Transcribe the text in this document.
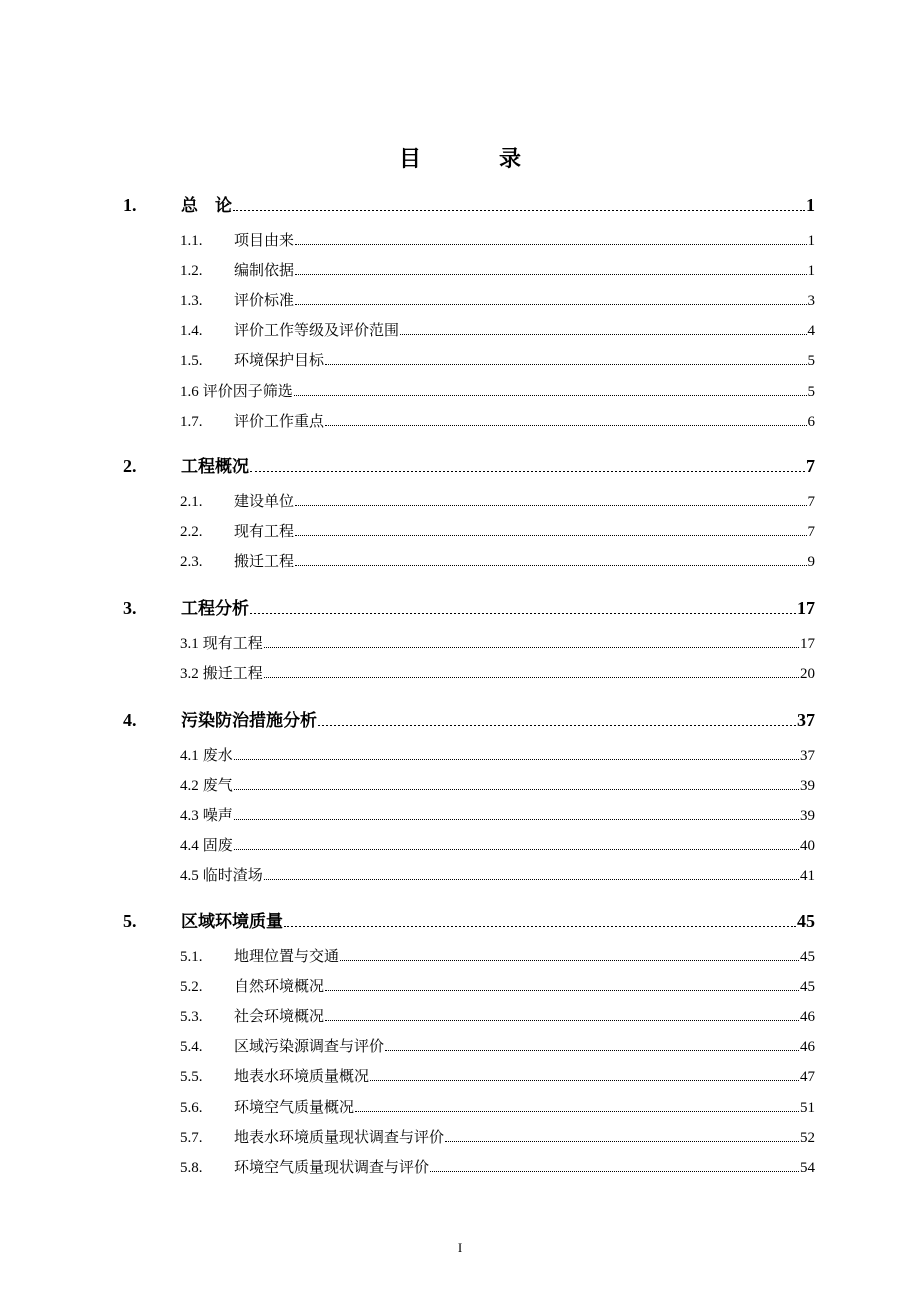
目　录
1.	总　论	1
1.1.	项目由来	1
1.2.	编制依据	1
1.3.	评价标准	3
1.4.	评价工作等级及评价范围	4
1.5.	环境保护目标	5
1.6 评价因子筛选	5
1.7.	评价工作重点	6
2.	工程概况	7
2.1.	建设单位	7
2.2.	现有工程	7
2.3.	搬迁工程	9
3.	工程分析	17
3.1 现有工程	17
3.2 搬迁工程	20
4.	污染防治措施分析	37
4.1 废水	37
4.2 废气	39
4.3 噪声	39
4.4 固废	40
4.5 临时渣场	41
5.	区域环境质量	45
5.1.	地理位置与交通	45
5.2.	自然环境概况	45
5.3.	社会环境概况	46
5.4.	区域污染源调查与评价	46
5.5.	地表水环境质量概况	47
5.6.	环境空气质量概况	51
5.7.	地表水环境质量现状调查与评价	52
5.8.	环境空气质量现状调查与评价	54
I
